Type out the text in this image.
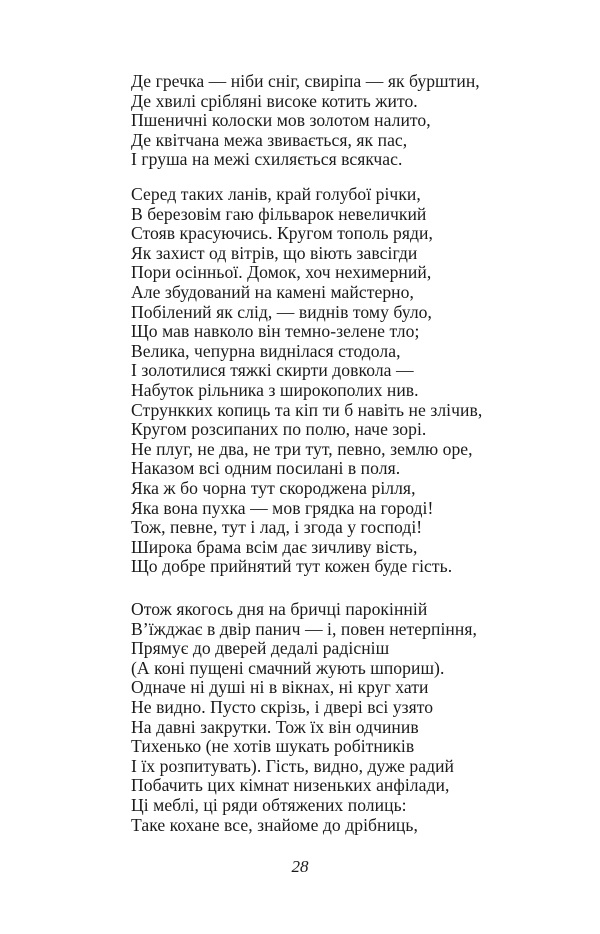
Де гречка — ніби сніг, свиріпа — як бурштин,
Де хвилі срібляні високе котить жито.
Пшеничні колоски мов золотом налито,
Де квітчана межа звивається, як пас,
І груша на межі схиляється всякчас.
Серед таких ланів, край голубої річки,
В березовім гаю фільварок невеличкий
Стояв красуючись. Кругом тополь ряди,
Як захист од вітрів, що віють завсігди
Пори осінньої. Домок, хоч нехимерний,
Але збудований на камені майстерно,
Побілений як слід, — виднів тому було,
Що мав навколо він темно-зелене тло;
Велика, чепурна виднілася стодола,
І золотилися тяжкі скирти довкола —
Набуток рільника з широкополих нив.
Стрункких копиць та кіп ти б навіть не злічив,
Кругом розсипаних по полю, наче зорі.
Не плуг, не два, не три тут, певно, землю оре,
Наказом всі одним посилані в поля.
Яка ж бо чорна тут скороджена рілля,
Яка вона пухка — мов грядка на городі!
Тож, певне, тут і лад, і згода у господі!
Широка брама всім дає зичливу вість,
Що добре прийнятий тут кожен буде гість.
Отож якогось дня на бричці парокінній
В’їжджає в двір панич — і, повен нетерпіння,
Прямує до дверей дедалі радісніш
(А коні пущені смачний жують шпориш).
Одначе ні душі ні в вікнах, ні круг хати
Не видно. Пусто скрізь, і двері всі узято
На давні закрутки. Тож їх він одчинив
Тихенько (не хотів шукать робітників
І їх розпитувать). Гість, видно, дуже радий
Побачить цих кімнат низеньких анфілади,
Ці меблі, ці ряди обтяжених полиць:
Таке кохане все, знайоме до дрібниць,
28
